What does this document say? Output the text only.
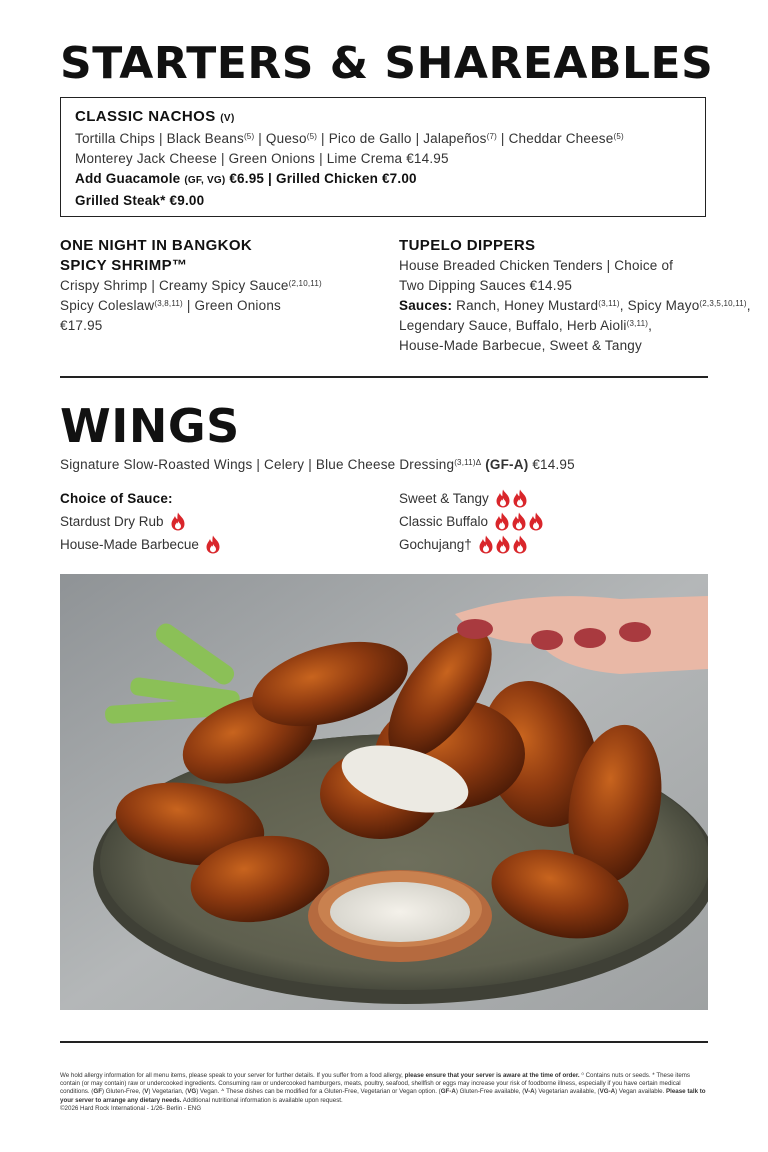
STARTERS & SHAREABLES
CLASSIC NACHOS (V)
Tortilla Chips | Black Beans$^{(5)}$ | Queso$^{(5)}$ | Pico de Gallo | Jalapeños$^{(7)}$ | Cheddar Cheese$^{(5)}$
Monterey Jack Cheese | Green Onions | Lime Crema €14.95
Add Guacamole (GF, VG) €6.95 | Grilled Chicken €7.00
Grilled Steak* €9.00
ONE NIGHT IN BANGKOK
SPICY SHRIMP™
Crispy Shrimp | Creamy Spicy Sauce$^{(2,10,11)}$
Spicy Coleslaw$^{(3,8,11)}$ | Green Onions
€17.95
TUPELO DIPPERS
House Breaded Chicken Tenders | Choice of
Two Dipping Sauces €14.95
Sauces: Ranch, Honey Mustard$^{(3,11)}$, Spicy Mayo$^{(2,3,5,10,11)}$,
Legendary Sauce, Buffalo, Herb Aioli$^{(3,11)}$,
House-Made Barbecue, Sweet & Tangy
WINGS
Signature Slow-Roasted Wings | Celery | Blue Cheese Dressing$^{(3,11)\Delta}$ (GF-A) €14.95
Choice of Sauce:
Stardust Dry Rub
House-Made Barbecue
Sweet & Tangy
Classic Buffalo
Gochujang†
We hold allergy information for all menu items, please speak to your server for further details. If you suffer from a food allergy, please ensure that your server is aware at the time of order. ⁰ Contains nuts or seeds. * These items contain (or may contain) raw or undercooked ingredients. Consuming raw or undercooked hamburgers, meats, poultry, seafood, shellfish or eggs may increase your risk of foodborne illness, especially if you have certain medical conditions. (GF) Gluten-Free, (V) Vegetarian, (VG) Vegan. ᐞ These dishes can be modified for a Gluten-Free, Vegetarian or Vegan option. (GF-A) Gluten-Free available, (V-A) Vegetarian available, (VG-A) Vegan available. Please talk to your server to arrange any dietary needs. Additional nutritional information is available upon request.
©2026 Hard Rock International - 1/26- Berlin - ENG
